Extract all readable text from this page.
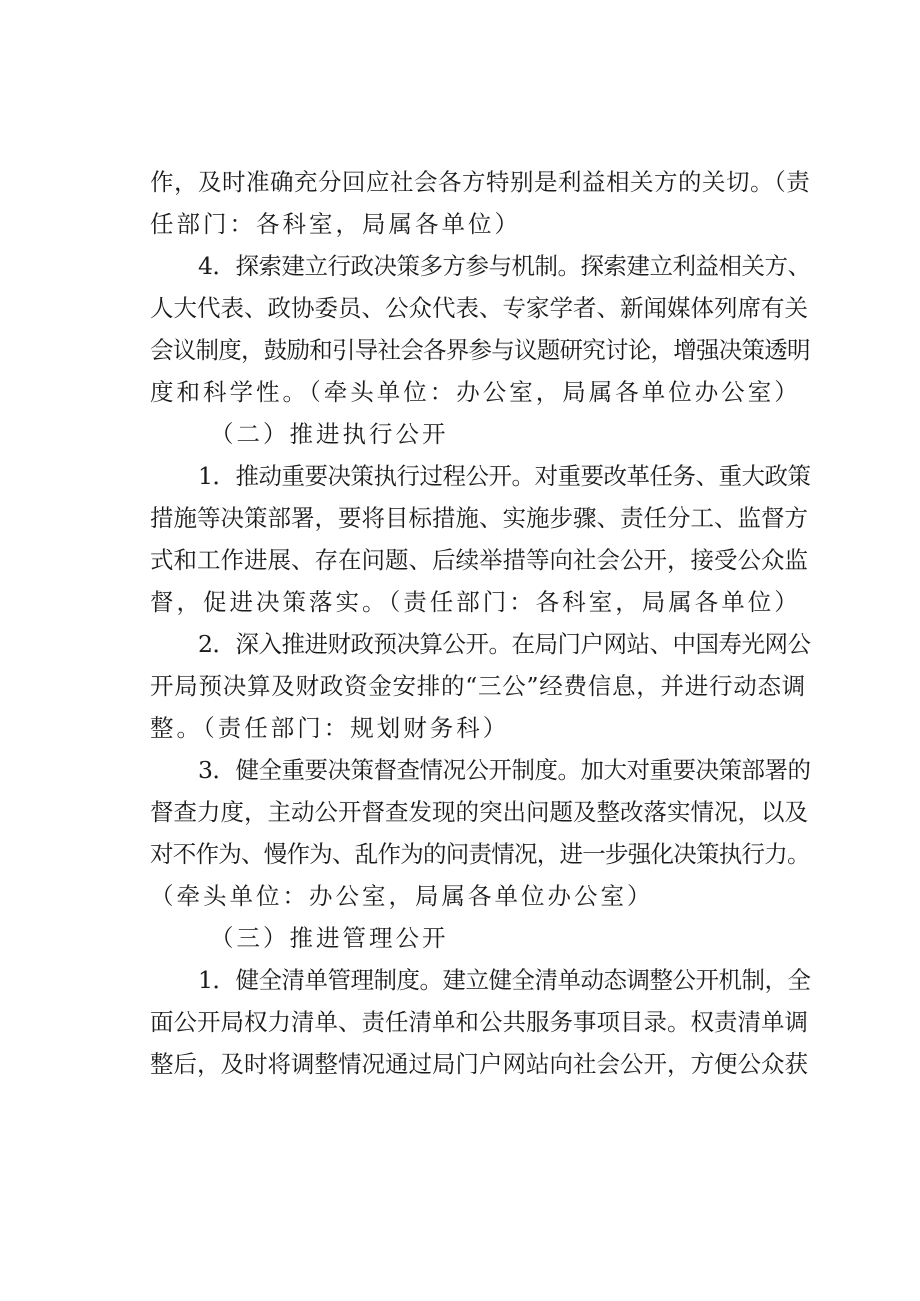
作，及时准确充分回应社会各方特别是利益相关方的关切。（责
任部门：各科室，局属各单位）
4．探索建立行政决策多方参与机制。探索建立利益相关方、
人大代表、政协委员、公众代表、专家学者、新闻媒体列席有关
会议制度，鼓励和引导社会各界参与议题研究讨论，增强决策透明
度和科学性。（牵头单位：办公室，局属各单位办公室）
（二）推进执行公开
1．推动重要决策执行过程公开。对重要改革任务、重大政策
措施等决策部署，要将目标措施、实施步骤、责任分工、监督方
式和工作进展、存在问题、后续举措等向社会公开，接受公众监
督，促进决策落实。（责任部门：各科室，局属各单位）
2．深入推进财政预决算公开。在局门户网站、中国寿光网公
开局预决算及财政资金安排的“三公”经费信息，并进行动态调
整。（责任部门：规划财务科）
3．健全重要决策督查情况公开制度。加大对重要决策部署的
督查力度，主动公开督查发现的突出问题及整改落实情况，以及
对不作为、慢作为、乱作为的问责情况，进一步强化决策执行力。
（牵头单位：办公室，局属各单位办公室）
（三）推进管理公开
1．健全清单管理制度。建立健全清单动态调整公开机制，全
面公开局权力清单、责任清单和公共服务事项目录。权责清单调
整后，及时将调整情况通过局门户网站向社会公开，方便公众获
